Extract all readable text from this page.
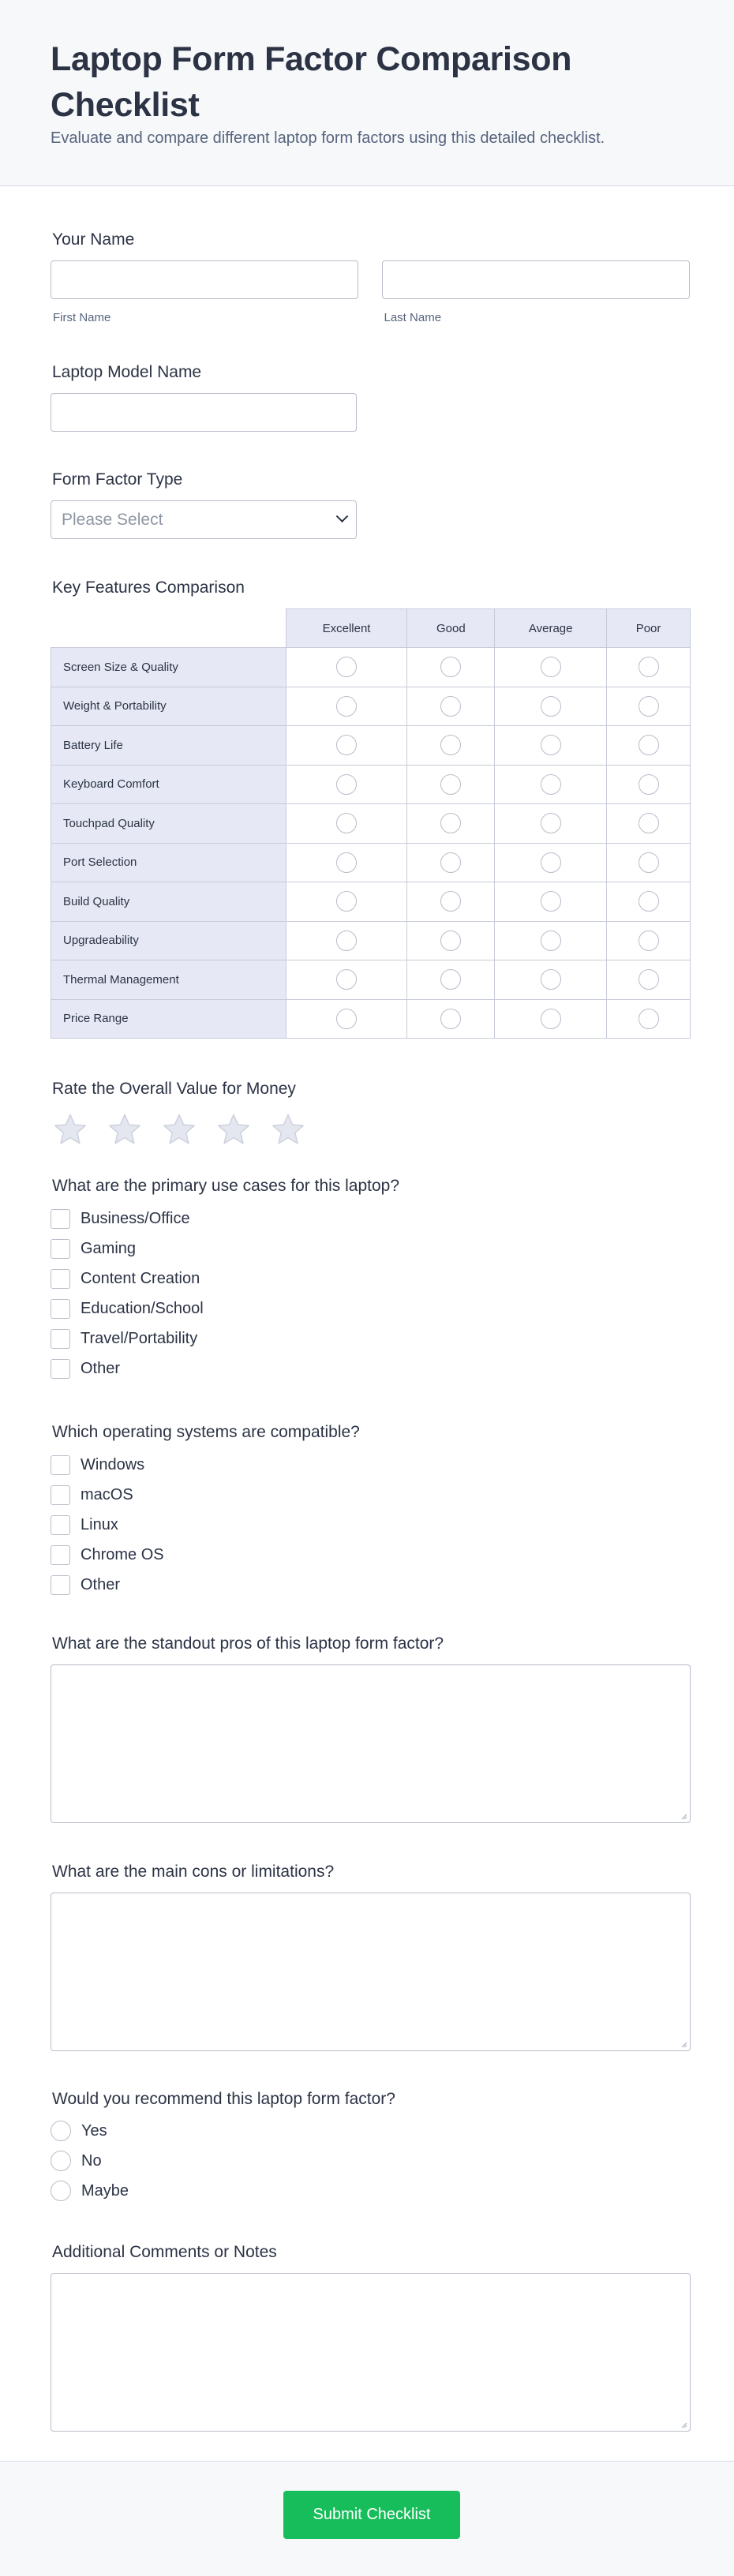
Laptop Form Factor Comparison Checklist
Evaluate and compare different laptop form factors using this detailed checklist.
Your Name
First Name	Last Name
Laptop Model Name
Form Factor Type
Please Select
Key Features Comparison
	Excellent	Good	Average	Poor
Screen Size & Quality				
Weight & Portability				
Battery Life				
Keyboard Comfort				
Touchpad Quality				
Port Selection				
Build Quality				
Upgradeability				
Thermal Management				
Price Range				
Rate the Overall Value for Money
What are the primary use cases for this laptop?
Business/Office
Gaming
Content Creation
Education/School
Travel/Portability
Other
Which operating systems are compatible?
Windows
macOS
Linux
Chrome OS
Other
What are the standout pros of this laptop form factor?
What are the main cons or limitations?
Would you recommend this laptop form factor?
Yes
No
Maybe
Additional Comments or Notes
Submit Checklist
